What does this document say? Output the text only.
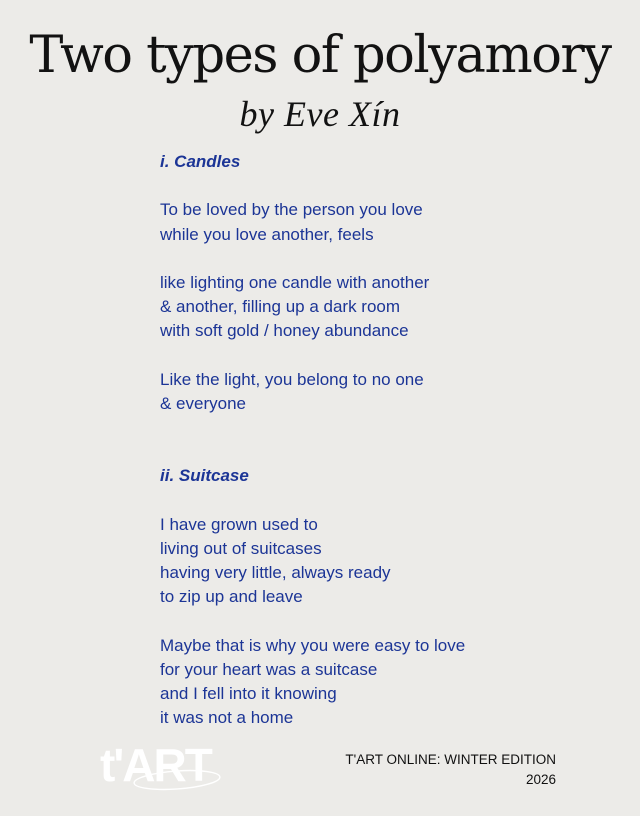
Two types of polyamory
by Eve Xín

i. Candles

To be loved by the person you love

while you love another, feels

like lighting one candle with another

& another, filling up a dark room

with soft gold / honey abundance

Like the light, you belong to no one

& everyone

ii. Suitcase

I have grown used to

living out of suitcases

having very little, always ready

to zip up and leave

Maybe that is why you were easy to love

for your heart was a suitcase

and I fell into it knowing

it was not a home

t'ART	T'ART ONLINE: WINTER EDITION
2026
